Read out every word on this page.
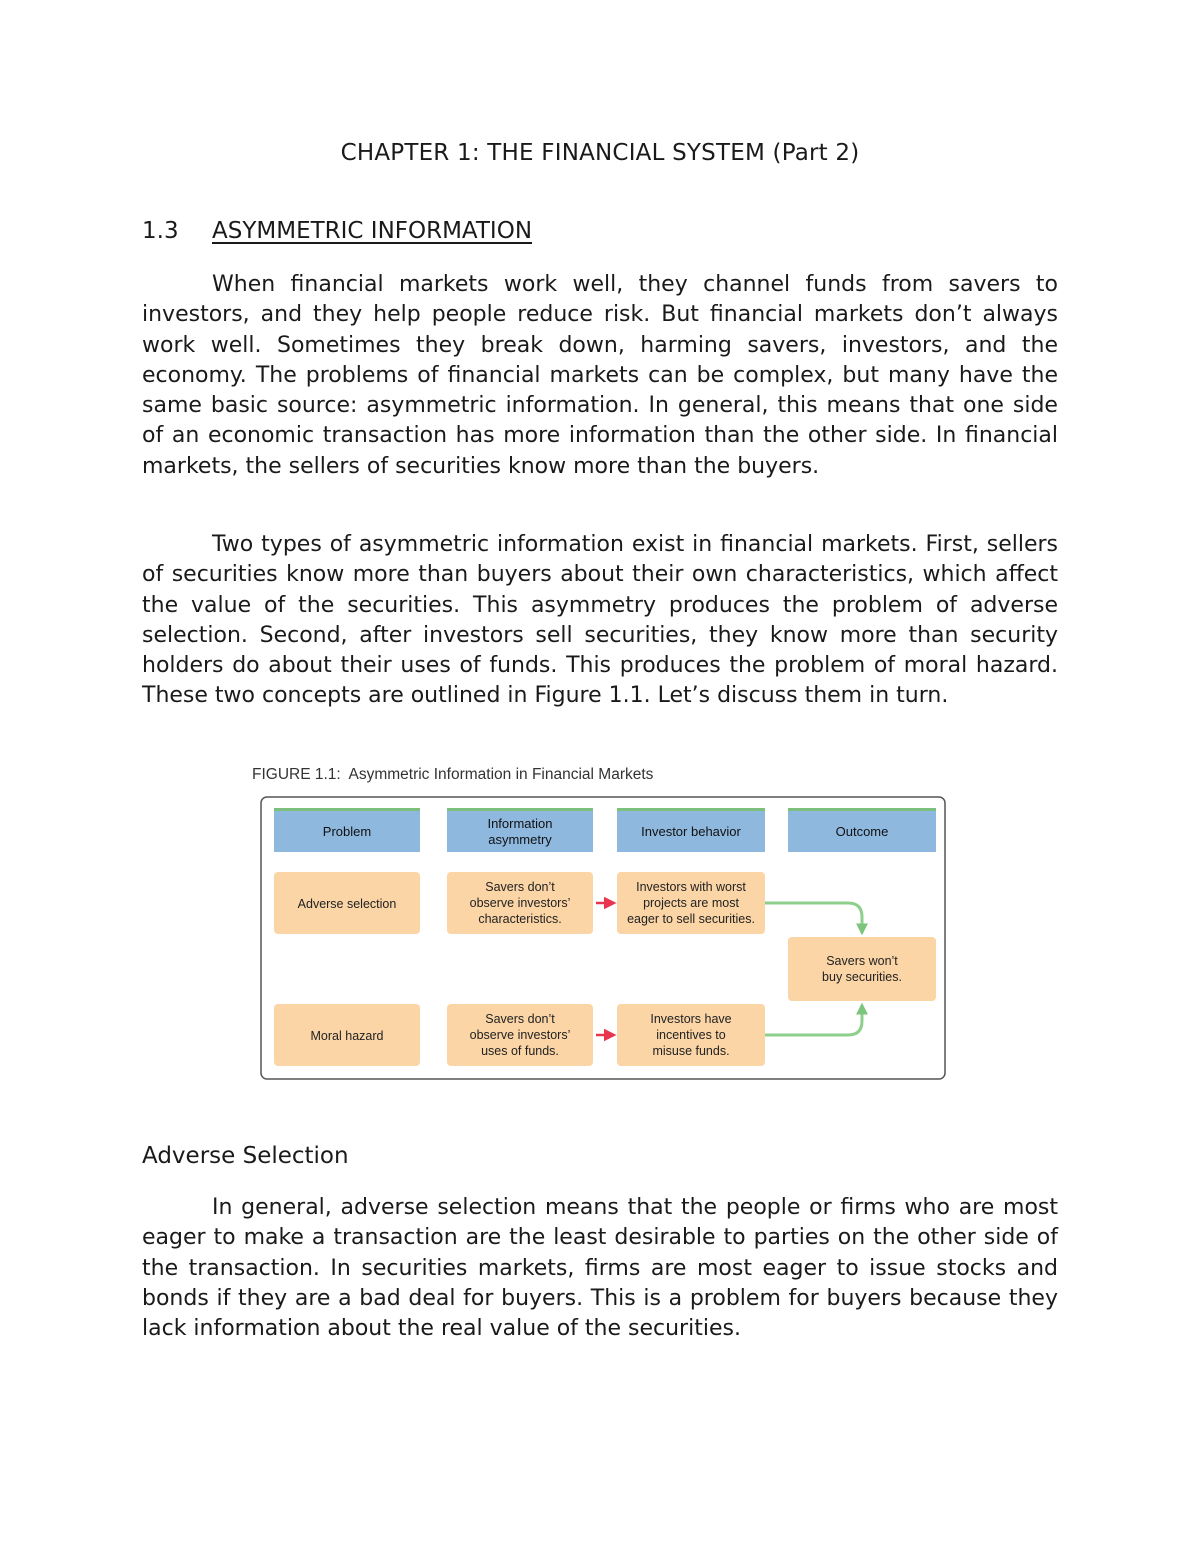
CHAPTER 1: THE FINANCIAL SYSTEM (Part 2)
1.3 ASYMMETRIC INFORMATION

When financial markets work well, they channel funds from savers to investors, and they help people reduce risk. But financial markets don’t always work well. Sometimes they break down, harming savers, investors, and the economy. The problems of financial markets can be complex, but many have the same basic source: asymmetric information. In general, this means that one side of an economic transaction has more information than the other side. In financial markets, the sellers of securities know more than the buyers.

Two types of asymmetric information exist in financial markets. First, sellers of securities know more than buyers about their own characteristics, which affect the value of the securities. This asymmetry produces the problem of adverse selection. Second, after investors sell securities, they know more than security holders do about their uses of funds. This produces the problem of moral hazard. These two concepts are outlined in Figure 1.1. Let’s discuss them in turn.

FIGURE 1.1: Asymmetric Information in Financial Markets
Problem
Information
asymmetry
Investor behavior	Outcome
Adverse selection
Savers don’t
observe investors’
characteristics.
Investors with worst
projects are most
eager to sell securities.
Savers won’t
buy securities.
Moral hazard
Savers don’t
observe investors’
uses of funds.
Investors have
incentives to
misuse funds.
Adverse Selection

In general, adverse selection means that the people or firms who are most eager to make a transaction are the least desirable to parties on the other side of the transaction. In securities markets, firms are most eager to issue stocks and bonds if they are a bad deal for buyers. This is a problem for buyers because they lack information about the real value of the securities.
